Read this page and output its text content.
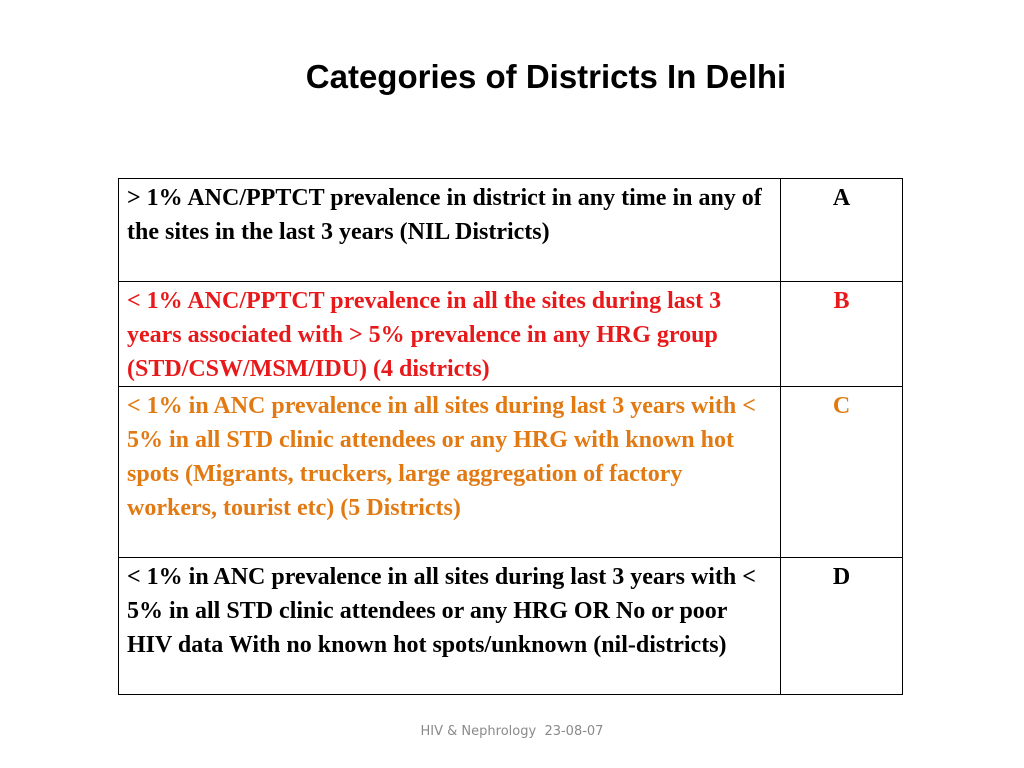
Categories of Districts In Delhi
> 1% ANC/PPTCT prevalence in district in any time in any of the sites in the last 3 years (NIL Districts)	A
< 1% ANC/PPTCT prevalence in all the sites during last 3 years associated with > 5% prevalence in any HRG group (STD/CSW/MSM/IDU) (4 districts)	B
< 1% in ANC prevalence in all sites during last 3 years with < 5% in all STD clinic attendees or any HRG with known hot spots (Migrants, truckers, large aggregation of factory workers, tourist etc) (5 Districts)	C
< 1% in ANC prevalence in all sites during last 3 years with < 5% in all STD clinic attendees or any HRG OR No or poor HIV data With no known hot spots/unknown (nil-districts)	D
HIV & Nephrology  23-08-07
